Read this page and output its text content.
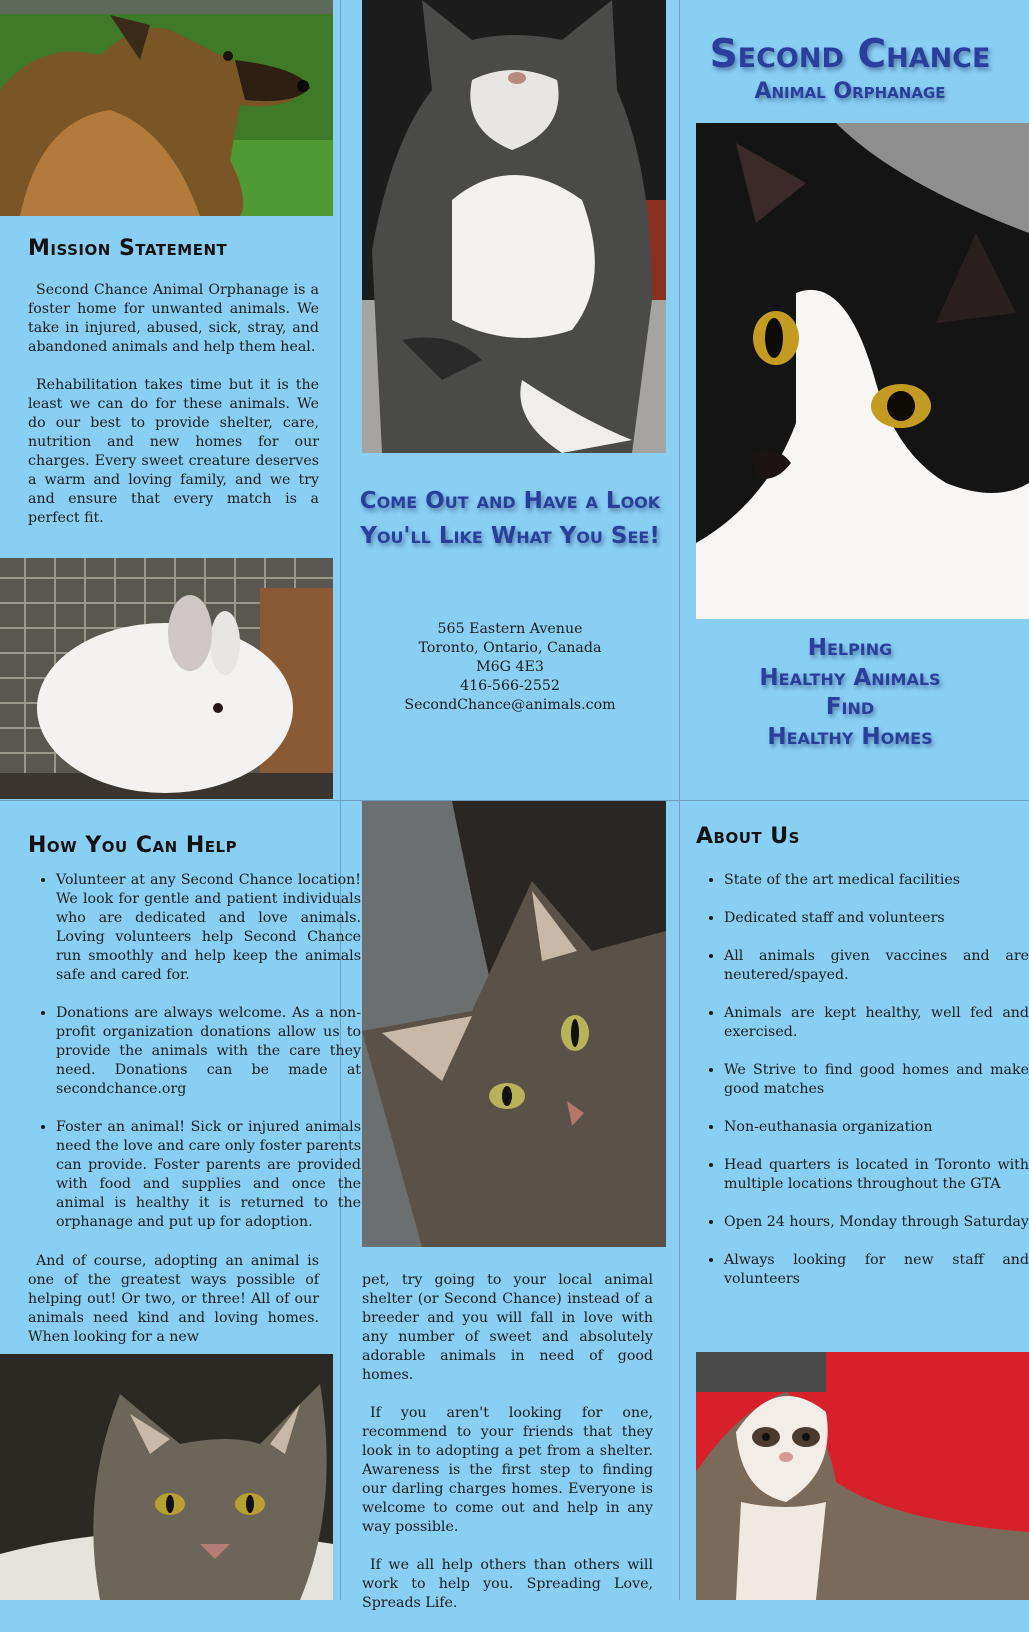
Mission Statement

Second Chance Animal Orphanage is a foster home for unwanted animals. We take in injured, abused, sick, stray, and abandoned animals and help them heal.

Rehabilitation takes time but it is the least we can do for these animals. We do our best to provide shelter, care, nutrition and new homes for our charges. Every sweet creature deserves a warm and loving family, and we try and ensure that every match is a perfect fit.

Come Out and Have a Look
You'll Like What You See!
565 Eastern Avenue
Toronto, Ontario, Canada
M6G 4E3
416-566-2552
SecondChance@animals.com
Second Chance
Animal Orphanage
Helping
Healthy Animals
Find
Healthy Homes
How You Can Help
• Volunteer at any Second Chance location! We look for gentle and patient individuals who are dedicated and love animals. Loving volunteers help Second Chance run smoothly and help keep the animals safe and cared for.
• Donations are always welcome. As a non-profit organization donations allow us to provide the animals with the care they need. Donations can be made at secondchance.org
• Foster an animal! Sick or injured animals need the love and care only foster parents can provide. Foster parents are provided with food and supplies and once the animal is healthy it is returned to the orphanage and put up for adoption.

And of course, adopting an animal is one of the greatest ways possible of helping out! Or two, or three! All of our animals need kind and loving homes. When looking for a new

pet, try going to your local animal shelter (or Second Chance) instead of a breeder and you will fall in love with any number of sweet and absolutely adorable animals in need of good homes.

If you aren't looking for one, recommend to your friends that they look in to adopting a pet from a shelter. Awareness is the first step to finding our darling charges homes. Everyone is welcome to come out and help in any way possible.

If we all help others than others will work to help you. Spreading Love, Spreads Life.

About Us
• State of the art medical facilities
• Dedicated staff and volunteers
• All animals given vaccines and are neutered/spayed.
• Animals are kept healthy, well fed and exercised.
• We Strive to find good homes and make good matches
• Non-euthanasia organization
• Head quarters is located in Toronto with multiple locations throughout the GTA
• Open 24 hours, Monday through Saturday
• Always looking for new staff and volunteers
